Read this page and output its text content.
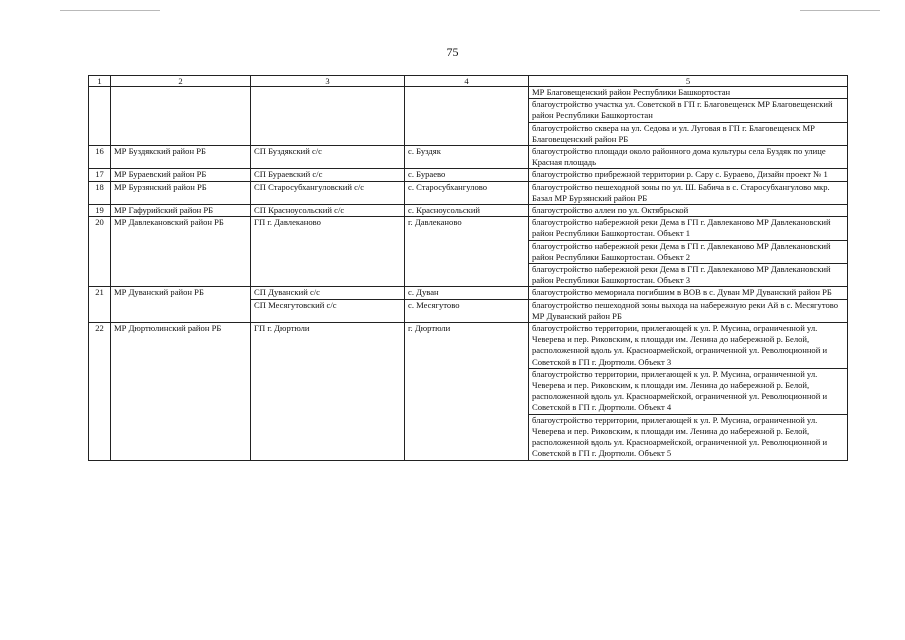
75
1	2	3	4	5
				МР Благовещенский район Республики Башкортостан
				благоустройство участка ул. Советской в ГП г. Благовещенск МР Благовещенский район Республики Башкортостан
				благоустройство сквера на ул. Седова и ул. Луговая в ГП г. Благовещенск МР Благовещенский район РБ
16	МР Буздякский район РБ	СП Буздякский с/с	с. Буздяк	благоустройство площади около районного дома культуры села Буздяк по улице Красная площадь
17	МР Бураевский район РБ	СП Бураевский с/с	с. Бураево	благоустройство прибрежной территории р. Сару с. Бураево, Дизайн проект № 1
18	МР Бурзянский район РБ	СП Старосубхангуловский с/с	с. Старосубхангулово	благоустройство пешеходной зоны по ул. Ш. Бабича в с. Старосубхангулово мкр. Базал МР Бурзянский район РБ
19	МР Гафурийский район РБ	СП Красноусольский с/с	с. Красноусольский	благоустройство аллеи по ул. Октябрьской
20	МР Давлекановский район РБ	ГП г. Давлеканово	г. Давлеканово	благоустройство набережной реки Дема в ГП г. Давлеканово МР Давлекановский район Республики Башкортостан. Объект 1
				благоустройство набережной реки Дема в ГП г. Давлеканово МР Давлекановский район Республики Башкортостан. Объект 2
				благоустройство набережной реки Дема в ГП г. Давлеканово МР Давлекановский район Республики Башкортостан. Объект 3
21	МР Дуванский район РБ	СП Дуванский с/с	с. Дуван	благоустройство мемориала погибшим в ВОВ в с. Дуван МР Дуванский район РБ
		СП Месягутовский с/с	с. Месягутово	благоустройство пешеходной зоны выхода на набережную реки Ай в с. Месягутово МР Дуванский район РБ
22	МР Дюртюлинский район РБ	ГП г. Дюртюли	г. Дюртюли	благоустройство территории, прилегающей к ул. Р. Мусина, ограниченной ул. Чеверева и пер. Риковским, к площади им. Ленина до набережной р. Белой, расположенной вдоль ул. Красноармейской, ограниченной ул. Революционной и Советской в ГП г. Дюртюли. Объект 3
				благоустройство территории, прилегающей к ул. Р. Мусина, ограниченной ул. Чеверева и пер. Риковским, к площади им. Ленина до набережной р. Белой, расположенной вдоль ул. Красноармейской, ограниченной ул. Революционной и Советской в ГП г. Дюртюли. Объект 4
				благоустройство территории, прилегающей к ул. Р. Мусина, ограниченной ул. Чеверева и пер. Риковским, к площади им. Ленина до набережной р. Белой, расположенной вдоль ул. Красноармейской, ограниченной ул. Революционной и Советской в ГП г. Дюртюли. Объект 5
